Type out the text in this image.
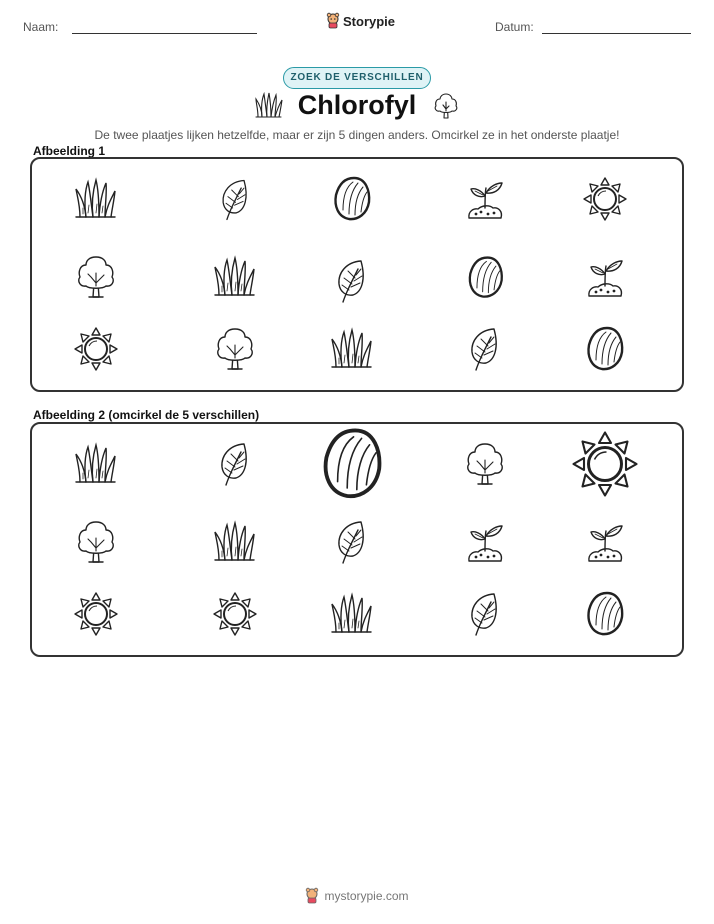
Naam:	Storypie	Datum:
ZOEK DE VERSCHILLEN
Chlorofyl
De twee plaatjes lijken hetzelfde, maar er zijn 5 dingen anders. Omcirkel ze in het onderste plaatje!
Afbeelding 1
Afbeelding 2 (omcirkel de 5 verschillen)
mystorypie.com
